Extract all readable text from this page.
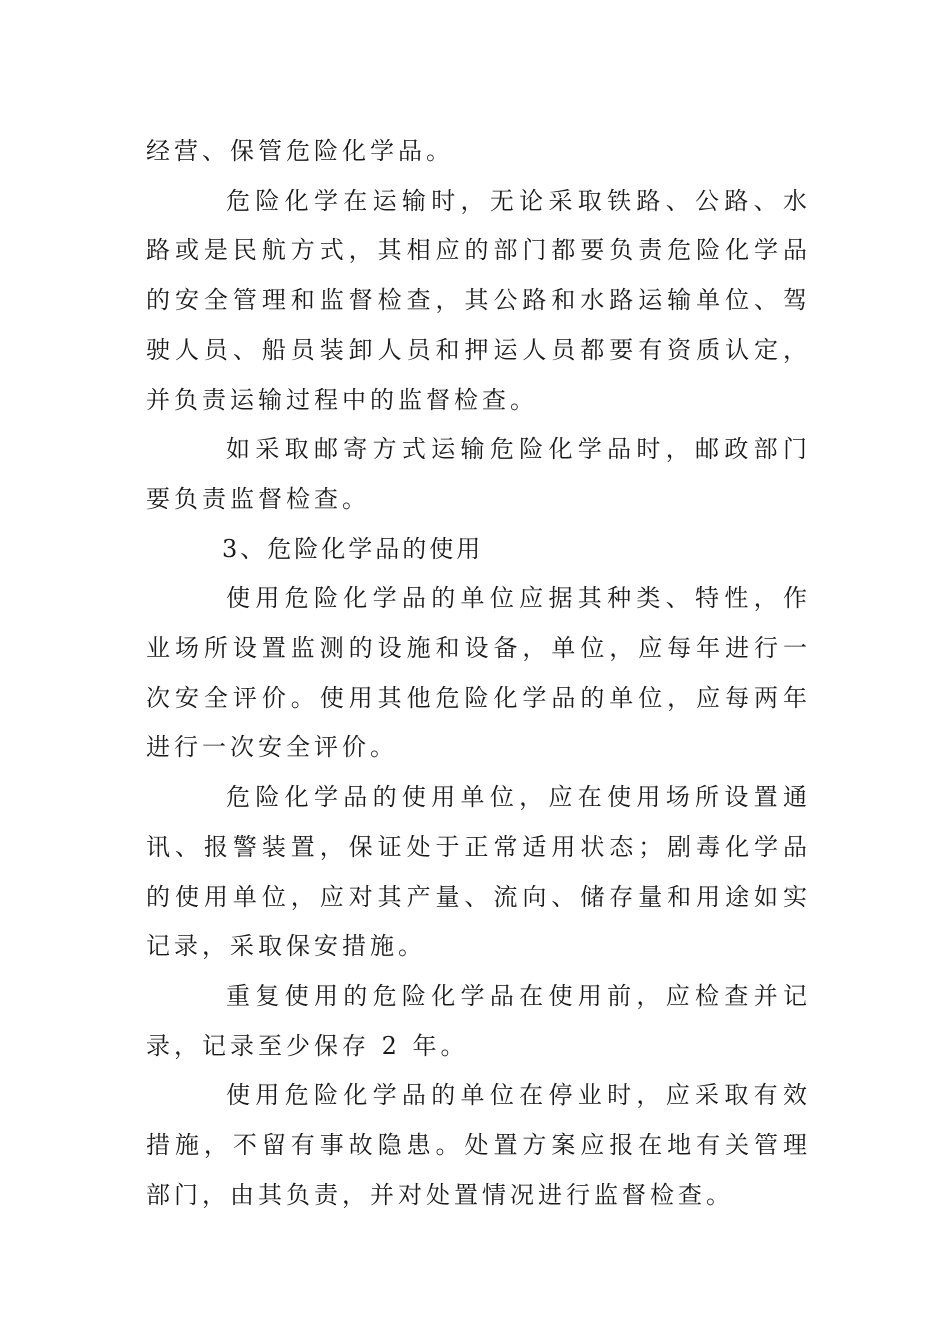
经营、保管危险化学品。

危险化学在运输时，无论采取铁路、公路、水路或是民航方式，其相应的部门都要负责危险化学品的安全管理和监督检查，其公路和水路运输单位、驾驶人员、船员装卸人员和押运人员都要有资质认定，并负责运输过程中的监督检查。

如采取邮寄方式运输危险化学品时，邮政部门要负责监督检查。

3、危险化学品的使用

使用危险化学品的单位应据其种类、特性，作业场所设置监测的设施和设备，单位，应每年进行一次安全评价。使用其他危险化学品的单位，应每两年进行一次安全评价。

危险化学品的使用单位，应在使用场所设置通讯、报警装置，保证处于正常适用状态；剧毒化学品的使用单位，应对其产量、流向、储存量和用途如实记录，采取保安措施。

重复使用的危险化学品在使用前，应检查并记录，记录至少保存 2 年。

使用危险化学品的单位在停业时，应采取有效措施，不留有事故隐患。处置方案应报在地有关管理部门，由其负责，并对处置情况进行监督检查。
